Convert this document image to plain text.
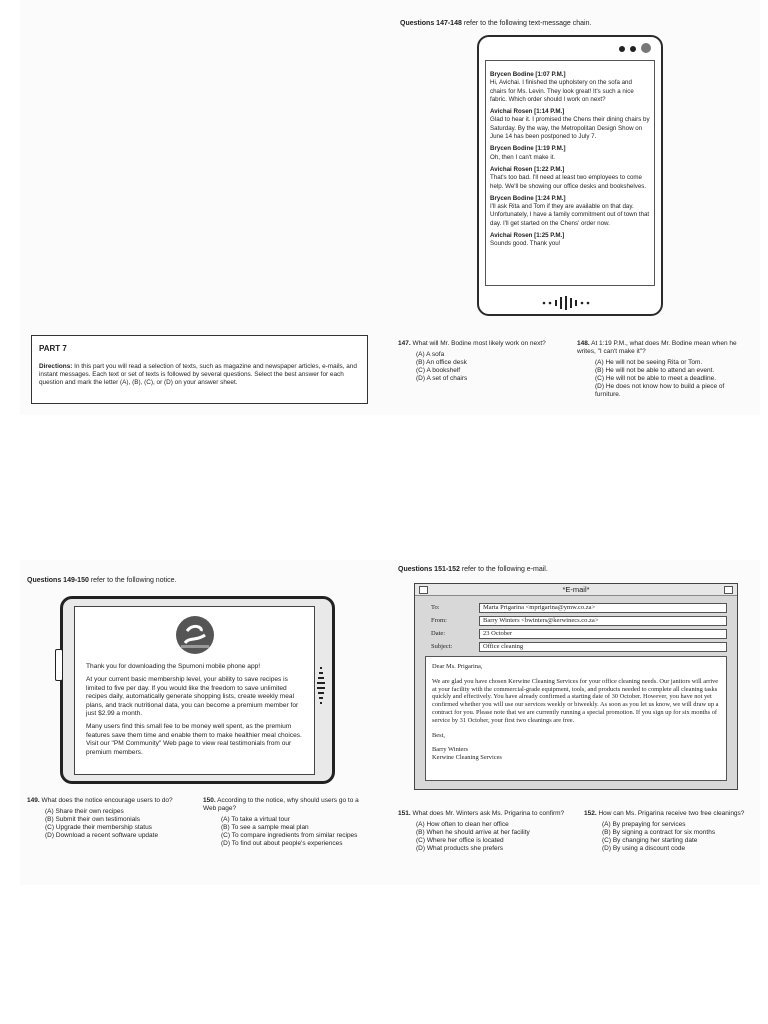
Questions 147-148 refer to the following text-message chain.
Brycen Bodine [1:07 P.M.]
Hi, Avichai. I finished the upholstery on the sofa and chairs for Ms. Levin. They look great! It's such a nice fabric. Which order should I work on next?
Avichai Rosen [1:14 P.M.]
Glad to hear it. I promised the Chens their dining chairs by Saturday. By the way, the Metropolitan Design Show on June 14 has been postponed to July 7.
Brycen Bodine [1:19 P.M.]
Oh, then I can't make it.
Avichai Rosen [1:22 P.M.]
That's too bad. I'll need at least two employees to come help. We'll be showing our office desks and bookshelves.
Brycen Bodine [1:24 P.M.]
I'll ask Rita and Tom if they are available on that day. Unfortunately, I have a family commitment out of town that day. I'll get started on the Chens' order now.
Avichai Rosen [1:25 P.M.]
Sounds good. Thank you!
PART 7

Directions: In this part you will read a selection of texts, such as magazine and newspaper articles, e-mails, and instant messages. Each text or set of texts is followed by several questions. Select the best answer for each question and mark the letter (A), (B), (C), or (D) on your answer sheet.

147. What will Mr. Bodine most likely work on next?
(A) A sofa
(B) An office desk
(C) A bookshelf
(D) A set of chairs
148. At 1:19 P.M., what does Mr. Bodine mean when he writes, "I can't make it"?
(A) He will not be seeing Rita or Tom.
(B) He will not be able to attend an event.
(C) He will not be able to meet a deadline.
(D) He does not know how to build a piece of furniture.
Questions 149-150 refer to the following notice.

Thank you for downloading the Spumoni mobile phone app!

At your current basic membership level, your ability to save recipes is limited to five per day. If you would like the freedom to save unlimited recipes daily, automatically generate shopping lists, create weekly meal plans, and track nutritional data, you can become a premium member for just $2.99 a month.

Many users find this small fee to be money well spent, as the premium features save them time and enable them to make healthier meal choices. Visit our "PM Community" Web page to view real testimonials from our premium members.

149. What does the notice encourage users to do?
(A) Share their own recipes
(B) Submit their own testimonials
(C) Upgrade their membership status
(D) Download a recent software update
150. According to the notice, why should users go to a Web page?
(A) To take a virtual tour
(B) To see a sample meal plan
(C) To compare ingredients from similar recipes
(D) To find out about people's experiences
Questions 151-152 refer to the following e-mail.
*E-mail*
To:	Marta Prigarina <mprigarina@ymw.co.za>
From:	Barry Winters <bwinters@kerwinecs.co.za>
Date:	23 October
Subject:	Office cleaning

Dear Ms. Prigarina,

We are glad you have chosen Kerwine Cleaning Services for your office cleaning needs. Our janitors will arrive at your facility with the commercial-grade equipment, tools, and products needed to complete all cleaning tasks quickly and effectively. You have already confirmed a starting date of 30 October. However, you have not yet confirmed whether you will use our services weekly or biweekly. As soon as you let us know, we will draw up a contract for you. Please note that we are currently running a special promotion. If you sign up for six months of service by 31 October, your first two cleanings are free.

Best,

Barry Winters
Kerwine Cleaning Services
151. What does Mr. Winters ask Ms. Prigarina to confirm?
(A) How often to clean her office
(B) When he should arrive at her facility
(C) Where her office is located
(D) What products she prefers
152. How can Ms. Prigarina receive two free cleanings?
(A) By prepaying for services
(B) By signing a contract for six months
(C) By changing her starting date
(D) By using a discount code
